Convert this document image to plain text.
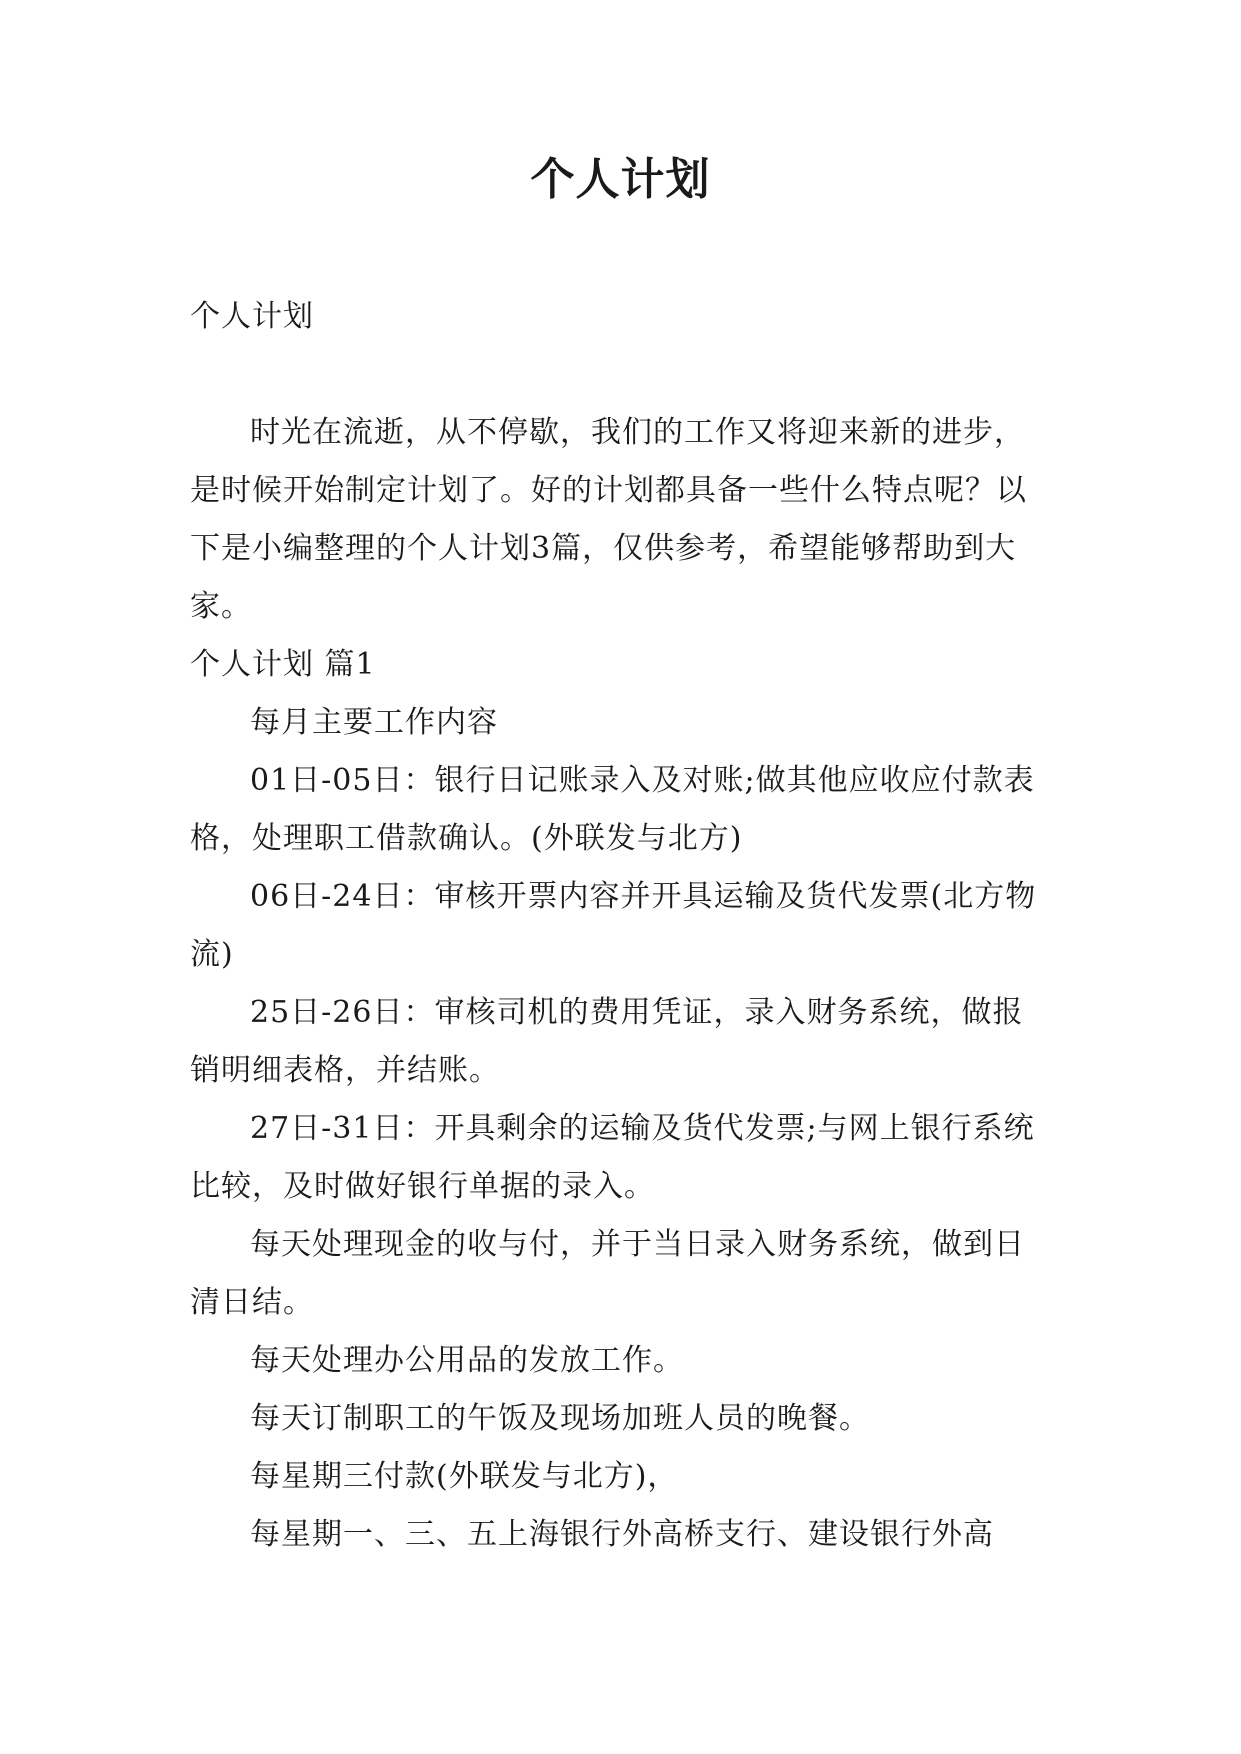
个人计划

个人计划

时光在流逝，从不停歇，我们的工作又将迎来新的进步，是时候开始制定计划了。好的计划都具备一些什么特点呢？以下是小编整理的个人计划3篇，仅供参考，希望能够帮助到大家。

个人计划 篇1

每月主要工作内容

01日-05日：银行日记账录入及对账;做其他应收应付款表格，处理职工借款确认。(外联发与北方)

06日-24日：审核开票内容并开具运输及货代发票(北方物流)

25日-26日：审核司机的费用凭证，录入财务系统，做报销明细表格，并结账。

27日-31日：开具剩余的运输及货代发票;与网上银行系统比较，及时做好银行单据的录入。

每天处理现金的收与付，并于当日录入财务系统，做到日清日结。

每天处理办公用品的发放工作。

每天订制职工的午饭及现场加班人员的晚餐。

每星期三付款(外联发与北方)，

每星期一、三、五上海银行外高桥支行、建设银行外高
